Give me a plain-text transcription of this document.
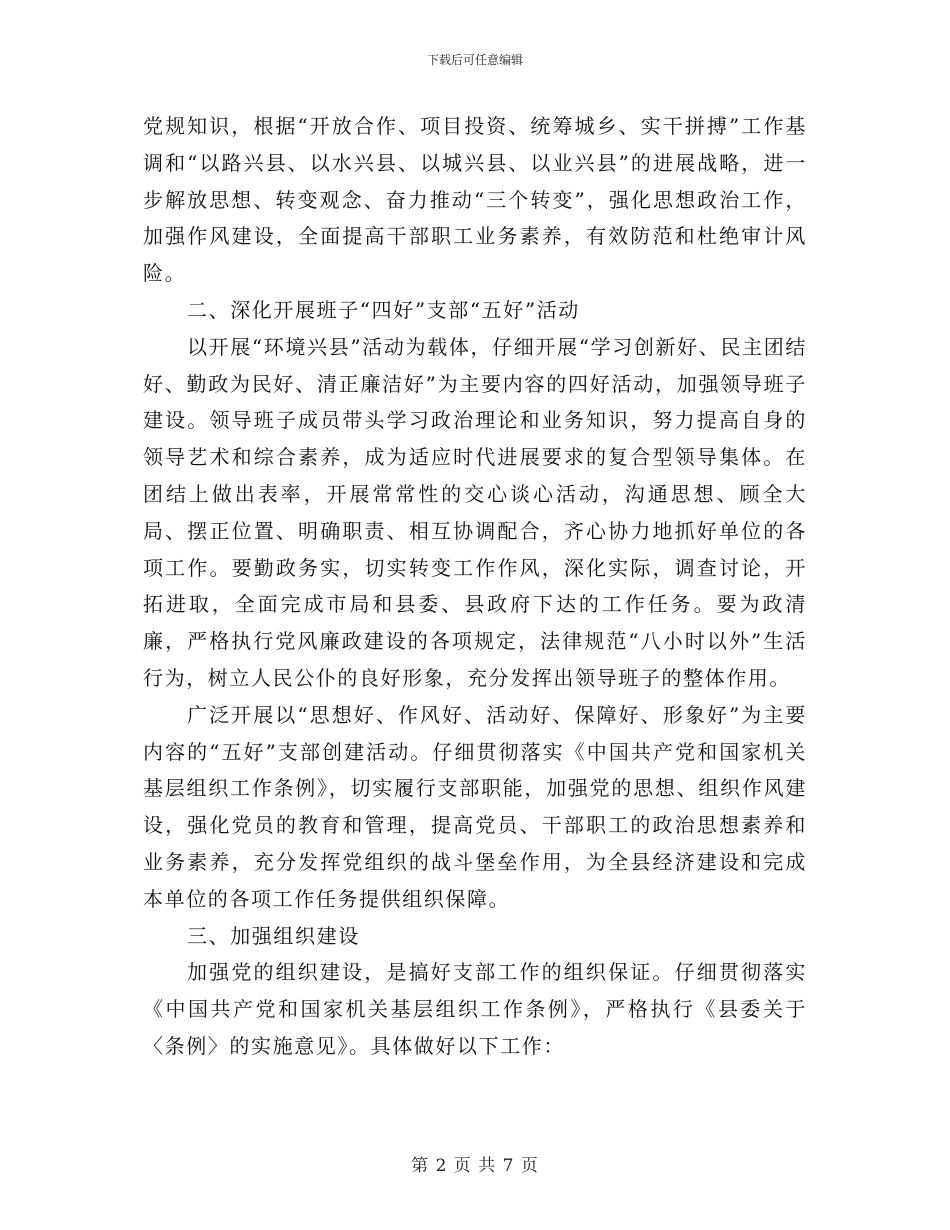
下载后可任意编辑

党规知识，根据“开放合作、项目投资、统筹城乡、实干拼搏”工作基调和“以路兴县、以水兴县、以城兴县、以业兴县”的进展战略，进一步解放思想、转变观念、奋力推动“三个转变”，强化思想政治工作，加强作风建设，全面提高干部职工业务素养，有效防范和杜绝审计风险。

二、深化开展班子“四好”支部“五好”活动

以开展“环境兴县”活动为载体，仔细开展“学习创新好、民主团结好、勤政为民好、清正廉洁好”为主要内容的四好活动，加强领导班子建设。领导班子成员带头学习政治理论和业务知识，努力提高自身的领导艺术和综合素养，成为适应时代进展要求的复合型领导集体。在团结上做出表率，开展常常性的交心谈心活动，沟通思想、顾全大局、摆正位置、明确职责、相互协调配合，齐心协力地抓好单位的各项工作。要勤政务实，切实转变工作作风，深化实际，调查讨论，开拓进取，全面完成市局和县委、县政府下达的工作任务。要为政清廉，严格执行党风廉政建设的各项规定，法律规范“八小时以外”生活行为，树立人民公仆的良好形象，充分发挥出领导班子的整体作用。

广泛开展以“思想好、作风好、活动好、保障好、形象好”为主要内容的“五好”支部创建活动。仔细贯彻落实《中国共产党和国家机关基层组织工作条例》，切实履行支部职能，加强党的思想、组织作风建设，强化党员的教育和管理，提高党员、干部职工的政治思想素养和业务素养，充分发挥党组织的战斗堡垒作用，为全县经济建设和完成本单位的各项工作任务提供组织保障。

三、加强组织建设

加强党的组织建设，是搞好支部工作的组织保证。仔细贯彻落实《中国共产党和国家机关基层组织工作条例》，严格执行《县委关于〈条例〉的实施意见》。具体做好以下工作：

第 2 页 共 7 页
